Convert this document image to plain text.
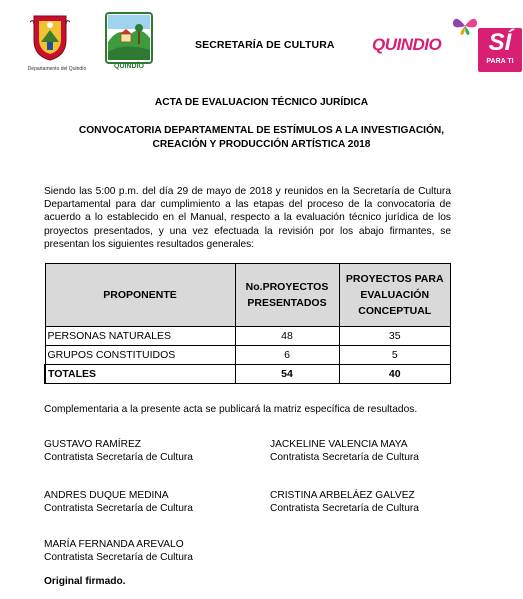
Departamento del Quindío	QUINDÍO
SECRETARÍA DE CULTURA QUINDIO	SÍ
PARA TI
ACTA DE EVALUACION TÉCNICO JURÍDICA
CONVOCATORIA DEPARTAMENTAL DE ESTÍMULOS A LA INVESTIGACIÓN,
CREACIÓN Y PRODUCCIÓN ARTÍSTICA 2018
Siendo las 5:00 p.m. del día 29 de mayo de 2018 y reunidos en la Secretaría de Cultura Departamental para dar cumplimiento a las etapas del proceso de la convocatoria de acuerdo a lo establecido en el Manual, respecto a la evaluación técnico jurídica de los proyectos presentados, y una vez efectuada la revisión por los abajo firmantes, se presentan los siguientes resultados generales:
PROPONENTE	No.PROYECTOS PRESENTADOS	PROYECTOS PARA EVALUACIÓN CONCEPTUAL
PERSONAS NATURALES	48	35
GRUPOS CONSTITUIDOS	6	5
TOTALES	54	40
Complementaria a la presente acta se publicará la matriz específica de resultados.
GUSTAVO RAMÍREZ
Contratista Secretaría de Cultura
JACKELINE VALENCIA MAYA
Contratista Secretaría de Cultura
ANDRES DUQUE MEDINA
Contratista Secretaría de Cultura
CRISTINA ARBELÁEZ GALVEZ
Contratista Secretaría de Cultura
MARÍA FERNANDA AREVALO
Contratista Secretaría de Cultura
Original firmado.
